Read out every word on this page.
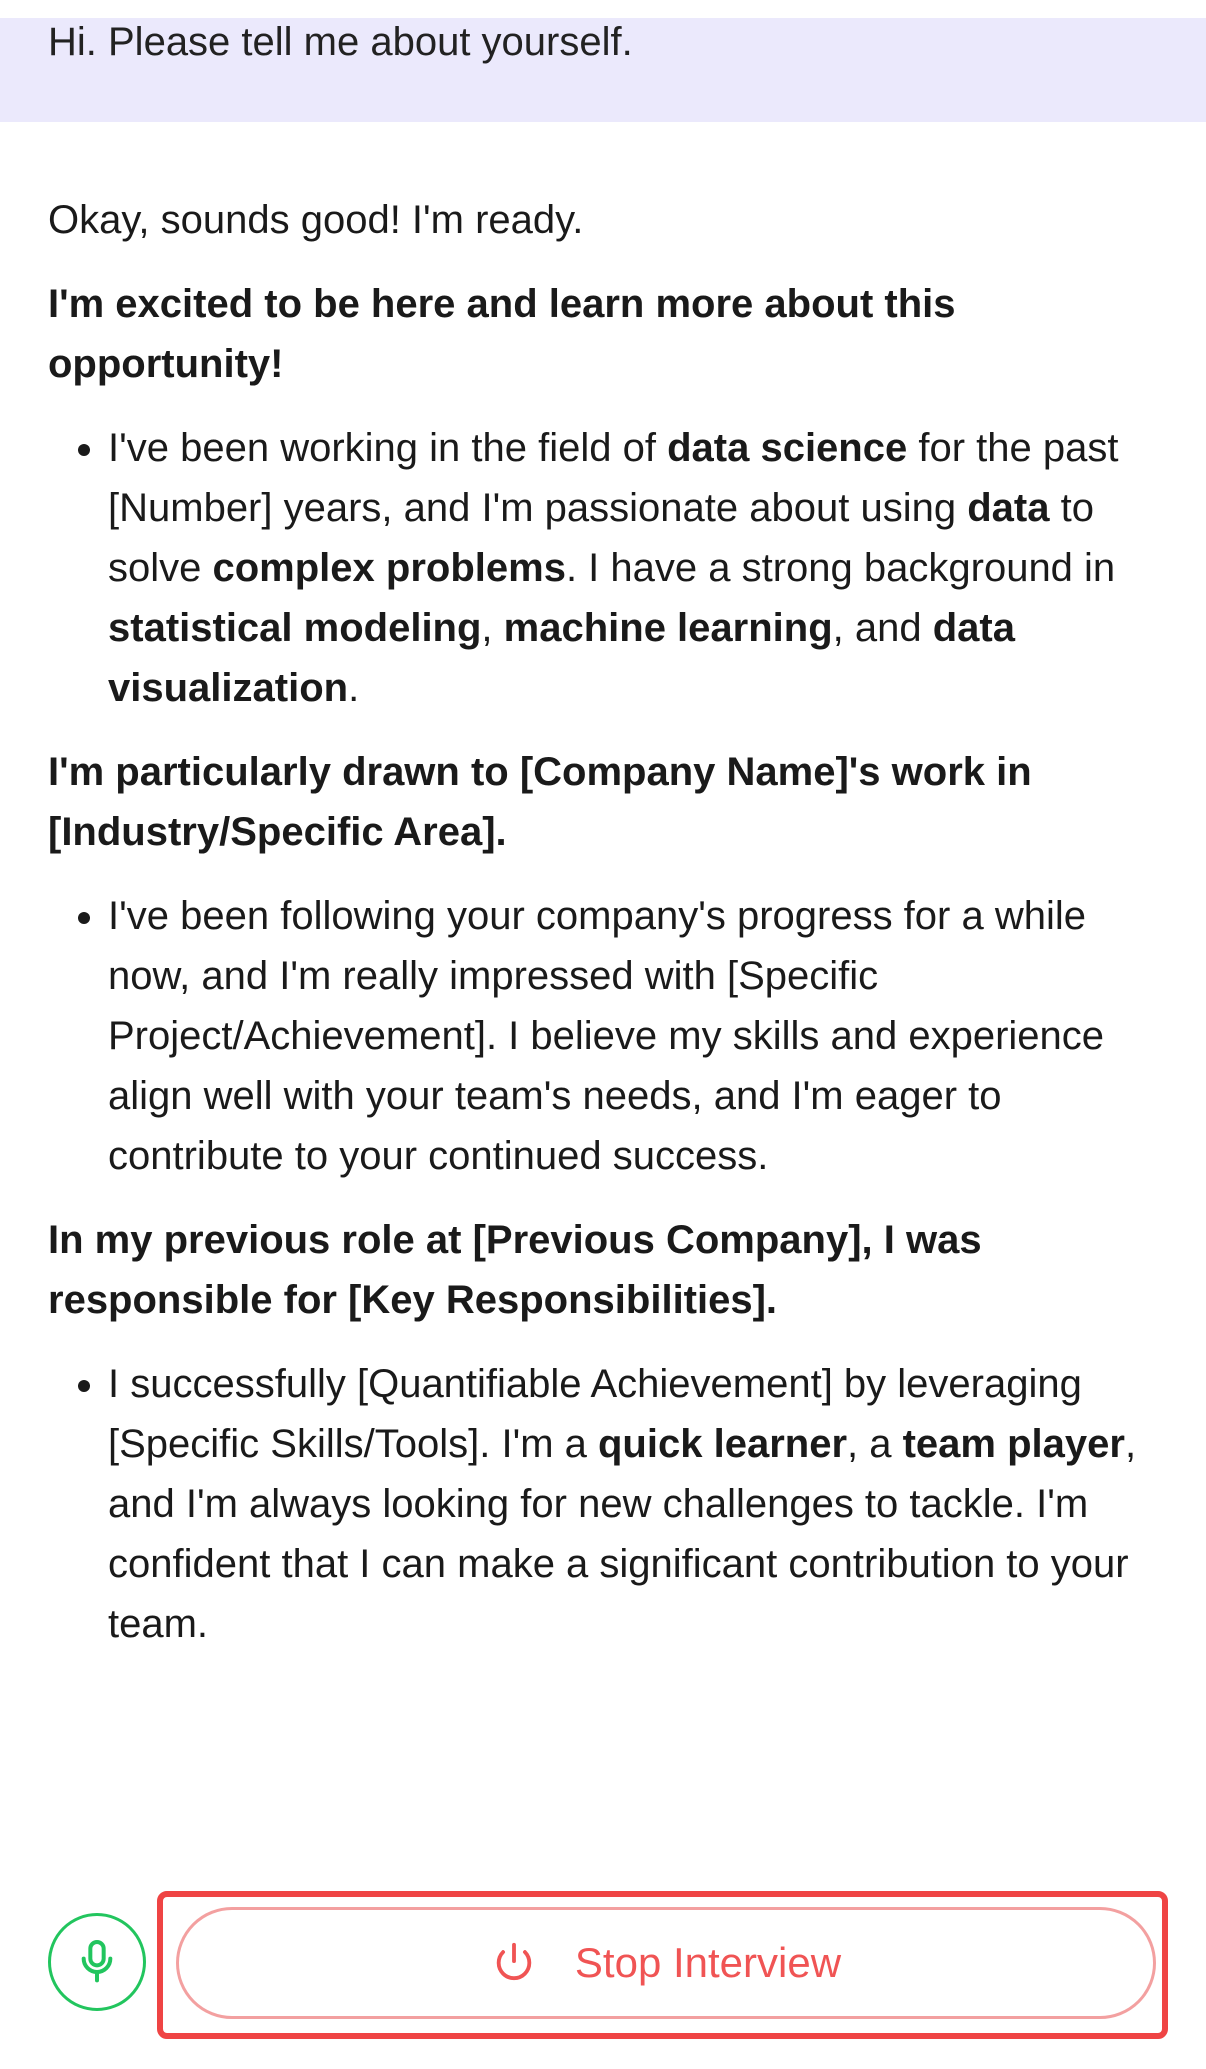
Hi. Please tell me about yourself.

Okay, sounds good! I'm ready.

I'm excited to be here and learn more about this opportunity!

• I've been working in the field of data science for the past [Number] years, and I'm passionate about using data to solve complex problems. I have a strong background in statistical modeling, machine learning, and data visualization.

I'm particularly drawn to [Company Name]'s work in [Industry/Specific Area].

• I've been following your company's progress for a while now, and I'm really impressed with [Specific Project/Achievement]. I believe my skills and experience align well with your team's needs, and I'm eager to contribute to your continued success.

In my previous role at [Previous Company], I was responsible for [Key Responsibilities].

• I successfully [Quantifiable Achievement] by leveraging [Specific Skills/Tools]. I'm a quick learner, a team player, and I'm always looking for new challenges to tackle. I'm confident that I can make a significant contribution to your team.
Stop Interview
